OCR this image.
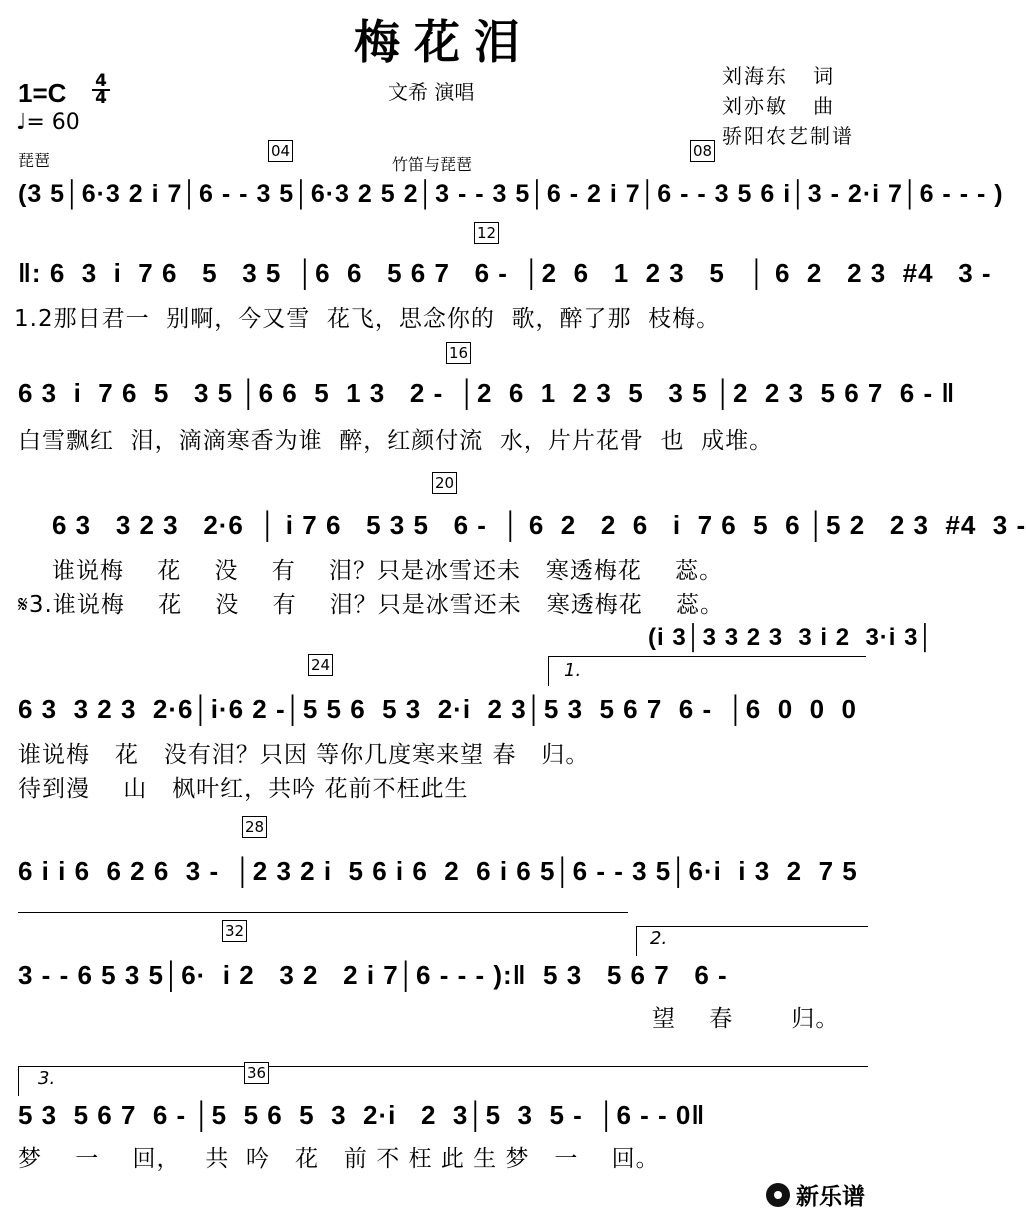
梅花泪
文希 演唱
刘海东   词
刘亦敏   曲
骄阳农艺制谱
$1=C \frac{4}{4}$
♩= 60
琵琶	竹笛与琵琶
04	08
(3 5│6·3 2 i 7│6 - - 3 5│6·3 2 5 2│3 - - 3 5│6 - 2 i 7│6 - - 3 5 6 i│3 - 2·i 7│6 - - - )
12
‖: 6  3  i  7 6   5   3 5  │6  6   5 6 7   6 -  │2  6   1  2 3   5   │ 6  2   2 3  #4   3 -
1.2那日君一  别啊，今又雪  花飞，思念你的  歌，醉了那  枝梅。
16
6 3  i  7 6  5   3 5 │6 6  5  1 3   2 -  │2  6  1  2 3  5   3 5 │2  2 3  5 6 7  6 - ‖
白雪飘红  泪，滴滴寒香为谁  醉，红颜付流  水，片片花骨  也  成堆。
20
6 3   3 2 3   2·6  │ i 7 6   5 3 5   6 -  │ 6  2   2  6   i  7 6  5  6 │5 2   2 3  #4  3 -
谁说梅    花    没    有    泪？只是冰雪还未   寒透梅花    蕊。
𝄋3.谁说梅    花    没    有    泪？只是冰雪还未   寒透梅花    蕊。
(i 3│3 3 2 3  3 i 2  3·i 3│
24	1.
6 3  3 2 3  2·6│i·6 2 -│5 5 6  5 3  2·i  2 3│5 3  5 6 7  6 -  │6  0  0  0
谁说梅   花   没有泪？只因 等你几度寒来望 春   归。
待到漫    山   枫叶红，共吟 花前不枉此生
28
6 i i 6  6 2 6  3 -  │2 3 2 i  5 6 i 6  2  6 i 6 5│6 - - 3 5│6·i  i 3  2  7 5
32	2.
3 - - 6 5 3 5│6·  i 2   3 2   2 i 7│6 - - - ):‖  5 3   5 6 7   6 -
望    春       归。
3.	36
5 3  5 6 7  6 - │5  5 6  5  3  2·i   2  3│5  3  5 -  │6 - - 0‖
梦    一    回，   共  吟   花   前 不 枉 此 生 梦   一    回。
新乐谱
